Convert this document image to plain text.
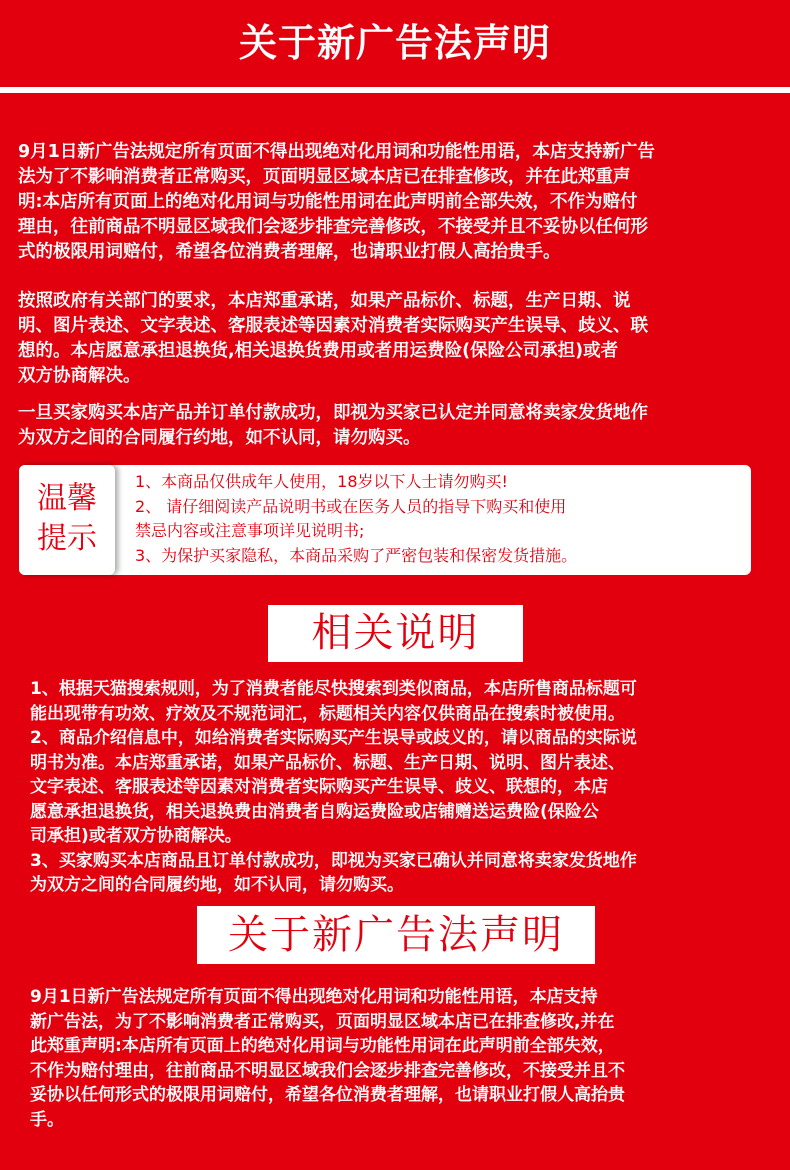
关于新广告法声明

9月1日新广告法规定所有页面不得出现绝对化用词和功能性用语，本店支持新广告
法为了不影响消费者正常购买，页面明显区域本店已在排查修改，并在此郑重声
明:本店所有页面上的绝对化用词与功能性用词在此声明前全部失效，不作为赔付
理由，往前商品不明显区域我们会逐步排查完善修改，不接受并且不妥协以任何形
式的极限用词赔付，希望各位消费者理解，也请职业打假人高抬贵手。

按照政府有关部门的要求，本店郑重承诺，如果产品标价、标题，生产日期、说
明、图片表述、文字表述、客服表述等因素对消费者实际购买产生误导、歧义、联
想的。本店愿意承担退换货,相关退换货费用或者用运费险(保险公司承担)或者
双方协商解决。

一旦买家购买本店产品并订单付款成功，即视为买家已认定并同意将卖家发货地作
为双方之间的合同履行约地，如不认同，请勿购买。

温馨
提示
1、本商品仅供成年人使用，18岁以下人士请勿购买!
2、 请仔细阅读产品说明书或在医务人员的指导下购买和使用
禁忌内容或注意事项详见说明书;
3、为保护买家隐私，本商品采购了严密包装和保密发货措施。
相关说明
1、根据天猫搜索规则，为了消费者能尽快搜索到类似商品，本店所售商品标题可
能出现带有功效、疗效及不规范词汇，标题相关内容仅供商品在搜索时被使用。
2、商品介绍信息中，如给消费者实际购买产生误导或歧义的，请以商品的实际说
明书为准。本店郑重承诺，如果产品标价、标题、生产日期、说明、图片表述、
文字表述、客服表述等因素对消费者实际购买产生误导、歧义、联想的，本店
愿意承担退换货，相关退换费由消费者自购运费险或店铺赠送运费险(保险公
司承担)或者双方协商解决。
3、买家购买本店商品且订单付款成功，即视为买家已确认并同意将卖家发货地作
为双方之间的合同履约地，如不认同，请勿购买。
关于新广告法声明

9月1日新广告法规定所有页面不得出现绝对化用词和功能性用语，本店支持
新广告法，为了不影响消费者正常购买，页面明显区域本店已在排查修改,并在
此郑重声明:本店所有页面上的绝对化用词与功能性用词在此声明前全部失效，
不作为赔付理由，往前商品不明显区域我们会逐步排查完善修改，不接受并且不
妥协以任何形式的极限用词赔付，希望各位消费者理解，也请职业打假人高抬贵
手。
